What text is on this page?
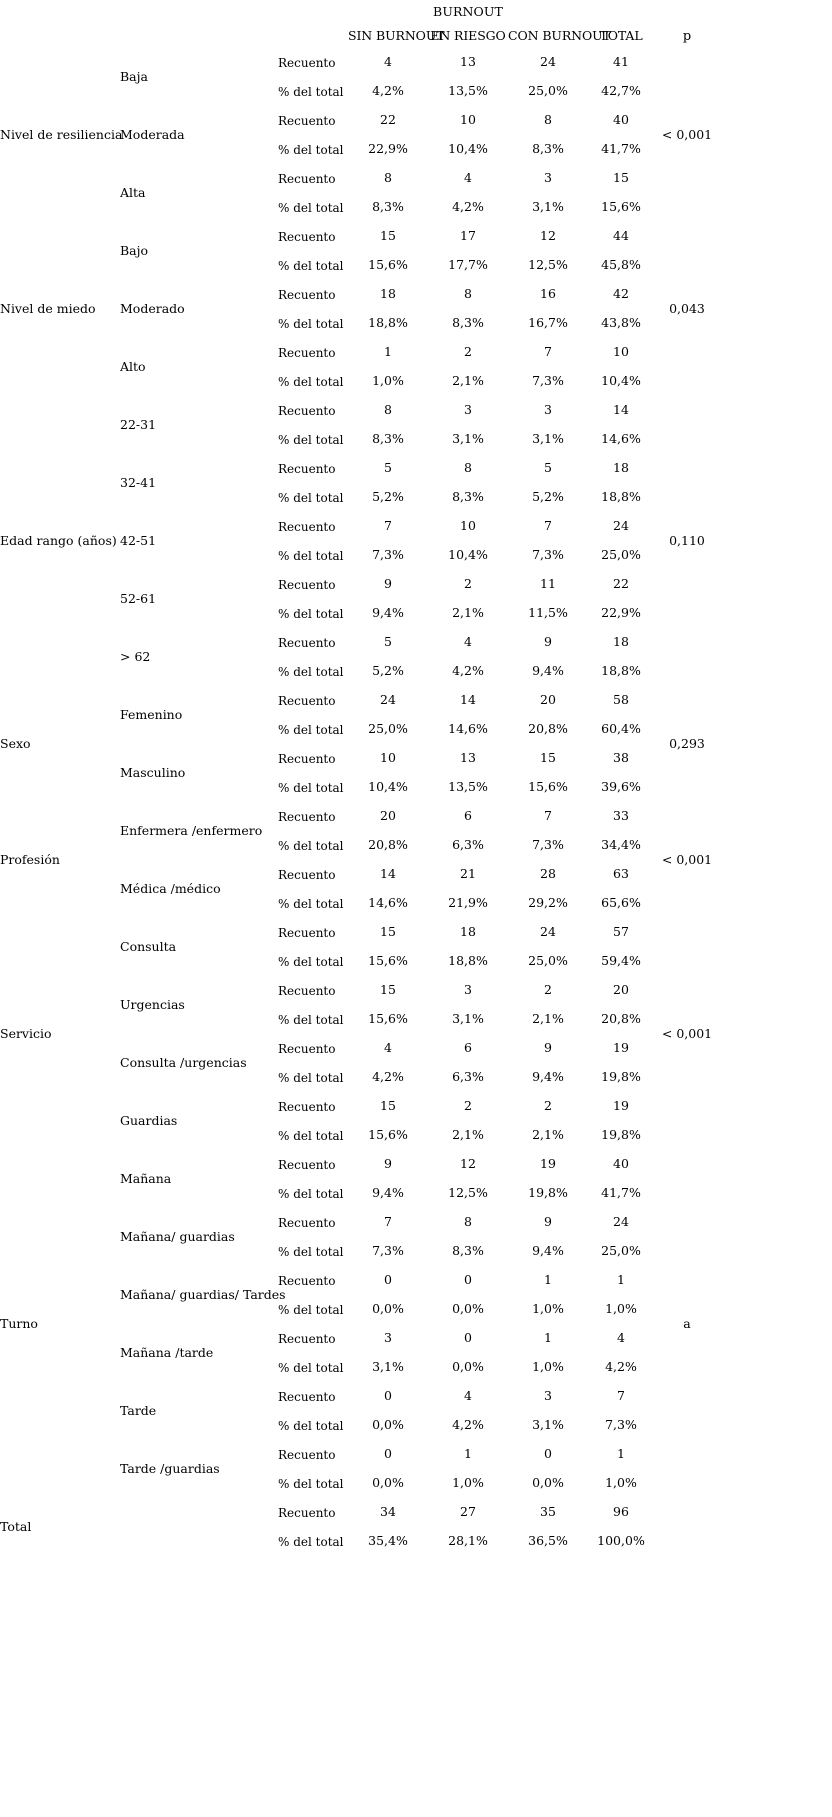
			BURNOUT				
			SIN BURNOUT	EN RIESGO	CON BURNOUT	TOTAL	p
Nivel de resiliencia	Baja	Recuento	4	13	24	41	< 0,001
		% del total	4,2%	13,5%	25,0%	42,7%	
	Moderada	Recuento	22	10	8	40	
		% del total	22,9%	10,4%	8,3%	41,7%	
	Alta	Recuento	8	4	3	15	
		% del total	8,3%	4,2%	3,1%	15,6%	
Nivel de miedo	Bajo	Recuento	15	17	12	44	0,043
		% del total	15,6%	17,7%	12,5%	45,8%	
	Moderado	Recuento	18	8	16	42	
		% del total	18,8%	8,3%	16,7%	43,8%	
	Alto	Recuento	1	2	7	10	
		% del total	1,0%	2,1%	7,3%	10,4%	
Edad rango (años)	22-31	Recuento	8	3	3	14	0,110
		% del total	8,3%	3,1%	3,1%	14,6%	
	32-41	Recuento	5	8	5	18	
		% del total	5,2%	8,3%	5,2%	18,8%	
	42-51	Recuento	7	10	7	24	
		% del total	7,3%	10,4%	7,3%	25,0%	
	52-61	Recuento	9	2	11	22	
		% del total	9,4%	2,1%	11,5%	22,9%	
	> 62	Recuento	5	4	9	18	
		% del total	5,2%	4,2%	9,4%	18,8%	
Sexo	Femenino	Recuento	24	14	20	58	0,293
		% del total	25,0%	14,6%	20,8%	60,4%	
	Masculino	Recuento	10	13	15	38	
		% del total	10,4%	13,5%	15,6%	39,6%	
Profesión	Enfermera /enfermero	Recuento	20	6	7	33	< 0,001
		% del total	20,8%	6,3%	7,3%	34,4%	
	Médica /médico	Recuento	14	21	28	63	
		% del total	14,6%	21,9%	29,2%	65,6%	
Servicio	Consulta	Recuento	15	18	24	57	< 0,001
		% del total	15,6%	18,8%	25,0%	59,4%	
	Urgencias	Recuento	15	3	2	20	
		% del total	15,6%	3,1%	2,1%	20,8%	
	Consulta /urgencias	Recuento	4	6	9	19	
		% del total	4,2%	6,3%	9,4%	19,8%	
	Guardias	Recuento	15	2	2	19	
		% del total	15,6%	2,1%	2,1%	19,8%	
Turno	Mañana	Recuento	9	12	19	40	a
		% del total	9,4%	12,5%	19,8%	41,7%	
	Mañana/ guardias	Recuento	7	8	9	24	
		% del total	7,3%	8,3%	9,4%	25,0%	
	Mañana/ guardias/ Tardes	Recuento	0	0	1	1	
		% del total	0,0%	0,0%	1,0%	1,0%	
	Mañana /tarde	Recuento	3	0	1	4	
		% del total	3,1%	0,0%	1,0%	4,2%	
	Tarde	Recuento	0	4	3	7	
		% del total	0,0%	4,2%	3,1%	7,3%	
	Tarde /guardias	Recuento	0	1	0	1	
		% del total	0,0%	1,0%	0,0%	1,0%	
Total		Recuento	34	27	35	96	
		% del total	35,4%	28,1%	36,5%	100,0%	
